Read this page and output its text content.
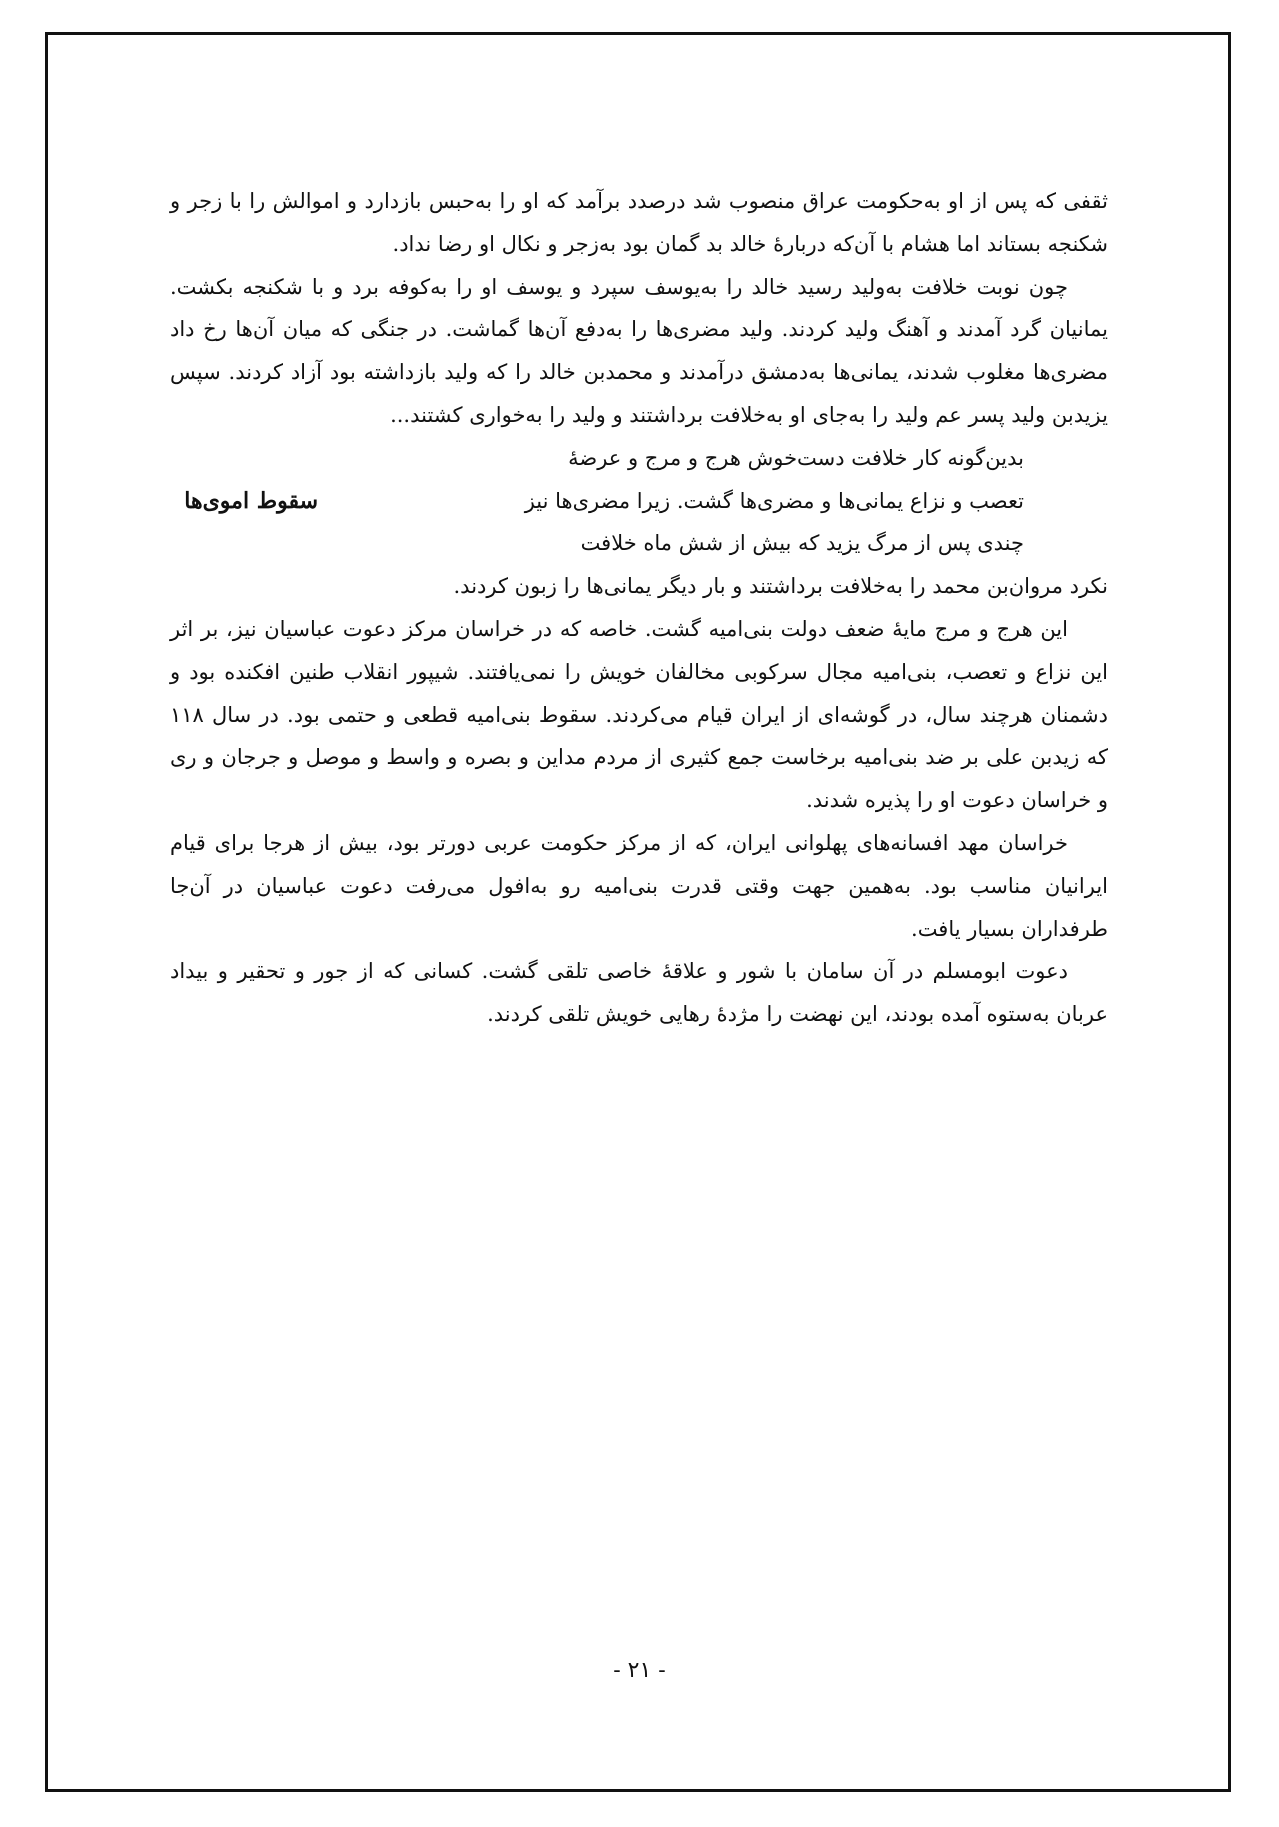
ثقفی که پس از او به‌حکومت عراق منصوب شد درصدد برآمد که او را به‌حبس بازدارد و اموالش را با زجر و شکنجه بستاند اما هشام با آن‌که دربارۀ خالد بد گمان بود به‌زجر و نکال او رضا نداد.

چون نوبت خلافت به‌ولید رسید خالد را به‌یوسف سپرد و یوسف او را به‌کوفه برد و با شکنجه بکشت. یمانیان گرد آمدند و آهنگ ولید کردند. ولید مضری‌ها را به‌دفع آن‌ها گماشت. در جنگی که میان آن‌ها رخ داد مضری‌ها مغلوب شدند، یمانی‌ها به‌دمشق درآمدند و محمدبن خالد را که ولید بازداشته بود آزاد کردند. سپس یزیدبن ولید پسر عم ولید را به‌جای او به‌خلافت برداشتند و ولید را به‌خواری کشتند...

بدین‌گونه کار خلافت دست‌خوش هرج و مرج و عرضۀ

تعصب و نزاع یمانی‌ها و مضری‌ها گشت. زیرا مضری‌ها نیز

چندی پس از مرگ یزید که بیش از شش ماه خلافت

سقوط اموی‌ها

نکرد مروان‌بن محمد را به‌خلافت برداشتند و بار دیگر یمانی‌ها را زبون کردند.

این هرج و مرج مایۀ ضعف دولت بنی‌امیه گشت. خاصه که در خراسان مرکز دعوت عباسیان نیز، بر اثر این نزاع و تعصب، بنی‌امیه مجال سرکوبی مخالفان خویش را نمی‌یافتند. شیپور انقلاب طنین افکنده بود و دشمنان هرچند سال، در گوشه‌ای از ایران قیام می‌کردند. سقوط بنی‌امیه قطعی و حتمی بود. در سال ۱۱۸ که زیدبن علی بر ضد بنی‌امیه برخاست جمع کثیری از مردم مداین و بصره و واسط و موصل و جرجان و ری و خراسان دعوت او را پذیره شدند.

خراسان مهد افسانه‌های پهلوانی ایران، که از مرکز حکومت عربی دورتر بود، بیش از هرجا برای قیام ایرانیان مناسب بود. به‌همین جهت وقتی قدرت بنی‌امیه رو به‌افول می‌رفت دعوت عباسیان در آن‌جا طرفداران بسیار یافت.

دعوت ابومسلم در آن سامان با شور و علاقۀ خاصی تلقی گشت. کسانی که از جور و تحقیر و بیداد عربان به‌ستوه آمده بودند، این نهضت را مژدۀ رهایی خویش تلقی کردند.

- ۲۱ -
